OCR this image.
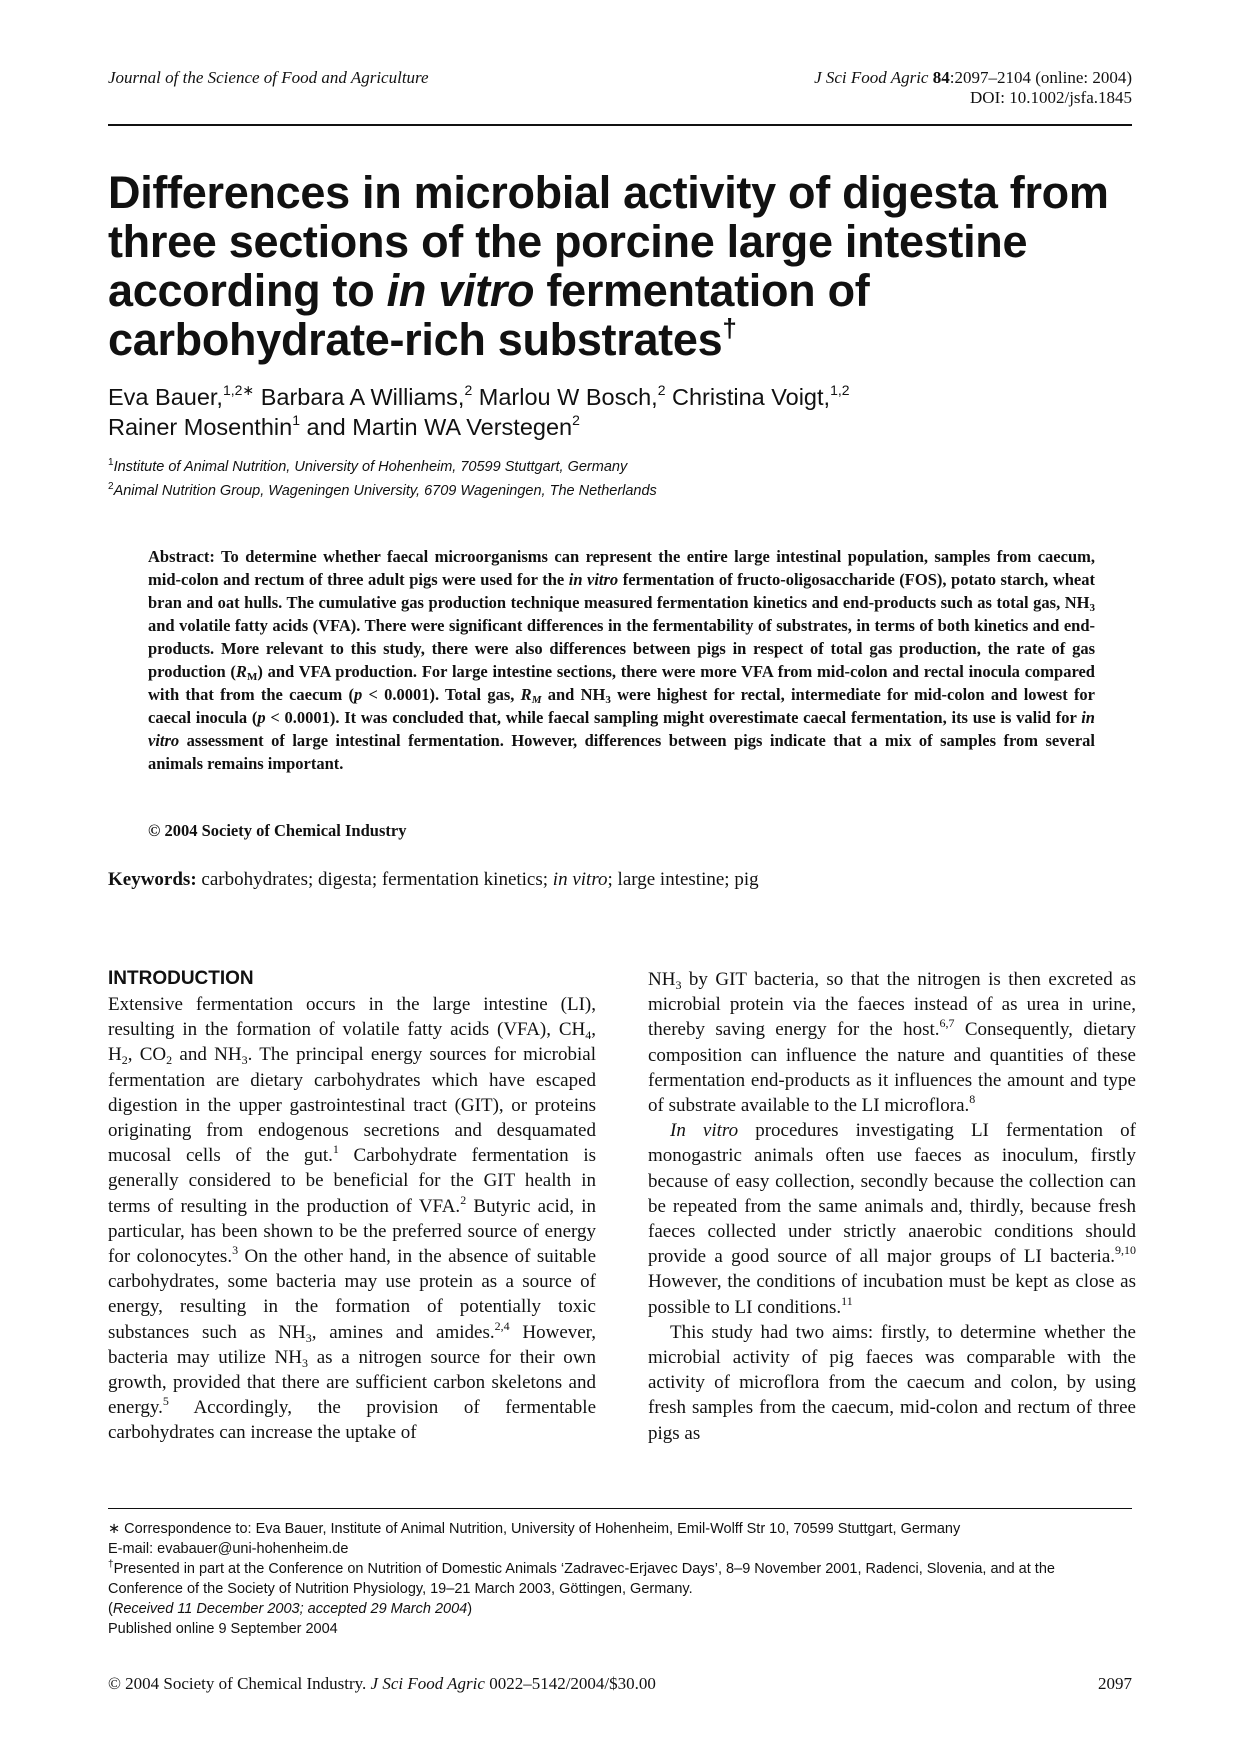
Journal of the Science of Food and Agriculture	J Sci Food Agric 84:2097–2104 (online: 2004)
DOI: 10.1002/jsfa.1845
Differences in microbial activity of digesta from three sections of the porcine large intestine according to in vitro fermentation of carbohydrate-rich substrates†
Eva Bauer,$^{1,2∗}$ Barbara A Williams,$^2$ Marlou W Bosch,$^2$ Christina Voigt,$^{1,2}$
Rainer Mosenthin$^1$ and Martin WA Verstegen$^2$
$^1$Institute of Animal Nutrition, University of Hohenheim, 70599 Stuttgart, Germany
$^2$Animal Nutrition Group, Wageningen University, 6709 Wageningen, The Netherlands
Abstract: To determine whether faecal microorganisms can represent the entire large intestinal population, samples from caecum, mid-colon and rectum of three adult pigs were used for the in vitro fermentation of fructo-oligosaccharide (FOS), potato starch, wheat bran and oat hulls. The cumulative gas production technique measured fermentation kinetics and end-products such as total gas, $NH_3$ and volatile fatty acids (VFA). There were significant differences in the fermentability of substrates, in terms of both kinetics and end-products. More relevant to this study, there were also differences between pigs in respect of total gas production, the rate of gas production $(R_M)$ and VFA production. For large intestine sections, there were more VFA from mid-colon and rectal inocula compared with that from the caecum (p < 0.0001). Total gas, $R_M$ and $NH_3$ were highest for rectal, intermediate for mid-colon and lowest for caecal inocula (p < 0.0001). It was concluded that, while faecal sampling might overestimate caecal fermentation, its use is valid for in vitro assessment of large intestinal fermentation. However, differences between pigs indicate that a mix of samples from several animals remains important.
© 2004 Society of Chemical Industry
Keywords: carbohydrates; digesta; fermentation kinetics; in vitro; large intestine; pig
INTRODUCTION

Extensive fermentation occurs in the large intestine (LI), resulting in the formation of volatile fatty acids (VFA), $CH_4$, $H_2$, $CO_2$ and $NH_3$. The principal energy sources for microbial fermentation are dietary carbohydrates which have escaped digestion in the upper gastrointestinal tract (GIT), or proteins originating from endogenous secretions and desquamated mucosal cells of the gut.$^1$ Carbohydrate fermentation is generally considered to be beneficial for the GIT health in terms of resulting in the production of VFA.$^2$ Butyric acid, in particular, has been shown to be the preferred source of energy for colonocytes.$^3$ On the other hand, in the absence of suitable carbohydrates, some bacteria may use protein as a source of energy, resulting in the formation of potentially toxic substances such as $NH_3$, amines and amides.$^{2,4}$ However, bacteria may utilize $NH_3$ as a nitrogen source for their own growth, provided that there are sufficient carbon skeletons and energy.$^5$ Accordingly, the provision of fermentable carbohydrates can increase the uptake of

$NH_3$ by GIT bacteria, so that the nitrogen is then excreted as microbial protein via the faeces instead of as urea in urine, thereby saving energy for the host.$^{6,7}$ Consequently, dietary composition can influence the nature and quantities of these fermentation end-products as it influences the amount and type of substrate available to the LI microflora.$^8$

In vitro procedures investigating LI fermentation of monogastric animals often use faeces as inoculum, firstly because of easy collection, secondly because the collection can be repeated from the same animals and, thirdly, because fresh faeces collected under strictly anaerobic conditions should provide a good source of all major groups of LI bacteria.$^{9,10}$ However, the conditions of incubation must be kept as close as possible to LI conditions.$^{11}$

This study had two aims: firstly, to determine whether the microbial activity of pig faeces was comparable with the activity of microflora from the caecum and colon, by using fresh samples from the caecum, mid-colon and rectum of three pigs as

∗ Correspondence to: Eva Bauer, Institute of Animal Nutrition, University of Hohenheim, Emil-Wolff Str 10, 70599 Stuttgart, Germany

E-mail: evabauer@uni-hohenheim.de

†Presented in part at the Conference on Nutrition of Domestic Animals ‘Zadravec-Erjavec Days’, 8–9 November 2001, Radenci, Slovenia, and at the Conference of the Society of Nutrition Physiology, 19–21 March 2003, Göttingen, Germany.

(Received 11 December 2003; accepted 29 March 2004)

Published online 9 September 2004

© 2004 Society of Chemical Industry. J Sci Food Agric 0022–5142/2004/$30.00	2097
